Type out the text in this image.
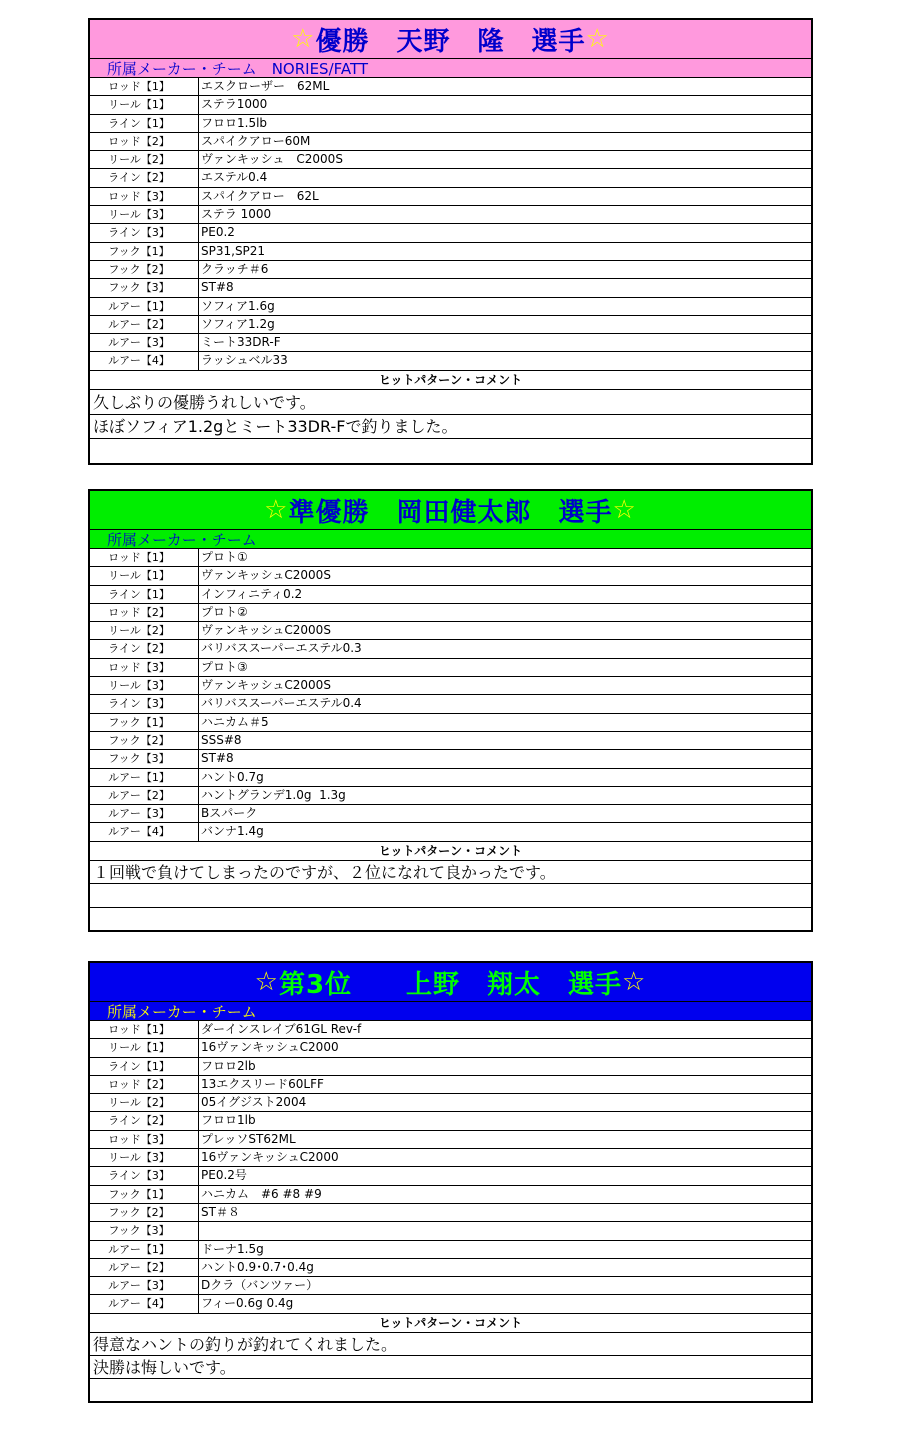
☆ 優勝　天野　隆　選手 ☆
所属メーカー・チーム　NORIES/FATT
ロッド【1】	エスクローザー　62ML
リール【1】	ステラ1000
ライン【1】	フロロ1.5lb
ロッド【2】	スパイクアロー60M
リール【2】	ヴァンキッシュ　C2000S
ライン【2】	エステル0.4
ロッド【3】	スパイクアロー　62L
リール【3】	ステラ 1000
ライン【3】	PE0.2
フック【1】	SP31,SP21
フック【2】	クラッチ＃6
フック【3】	ST#8
ルアー【1】	ソフィア1.6g
ルアー【2】	ソフィア1.2g
ルアー【3】	ミート33DR-F
ルアー【4】	ラッシュベル33
ヒットパターン・コメント
久しぶりの優勝うれしいです。
ほぼソフィア1.2gとミート33DR-Fで釣りました。
☆ 準優勝　岡田健太郎　選手 ☆
所属メーカー・チーム
ロッド【1】	プロト①
リール【1】	ヴァンキッシュC2000S
ライン【1】	インフィニティ0.2
ロッド【2】	プロト②
リール【2】	ヴァンキッシュC2000S
ライン【2】	バリバススーパーエステル0.3
ロッド【3】	プロト③
リール【3】	ヴァンキッシュC2000S
ライン【3】	バリバススーパーエステル0.4
フック【1】	ハニカム＃5
フック【2】	SSS#8
フック【3】	ST#8
ルアー【1】	ハント0.7g
ルアー【2】	ハントグランデ1.0g  1.3g
ルアー【3】	Bスパーク
ルアー【4】	バンナ1.4g
ヒットパターン・コメント
１回戦で負けてしまったのですが、２位になれて良かったです。
☆ 第3位　　上野　翔太　選手 ☆
所属メーカー・チーム
ロッド【1】	ダーインスレイブ61GL Rev-f
リール【1】	16ヴァンキッシュC2000
ライン【1】	フロロ2lb
ロッド【2】	13エクスリード60LFF
リール【2】	05イグジスト2004
ライン【2】	フロロ1lb
ロッド【3】	プレッソST62ML
リール【3】	16ヴァンキッシュC2000
ライン【3】	PE0.2号
フック【1】	ハニカム　#6 #8 #9
フック【2】	ST＃８
フック【3】
ルアー【1】	ドーナ1.5g
ルアー【2】	ハント0.9･0.7･0.4g
ルアー【3】	Dクラ（バンツァー）
ルアー【4】	フィー0.6g 0.4g
ヒットパターン・コメント
得意なハントの釣りが釣れてくれました。
決勝は悔しいです。
